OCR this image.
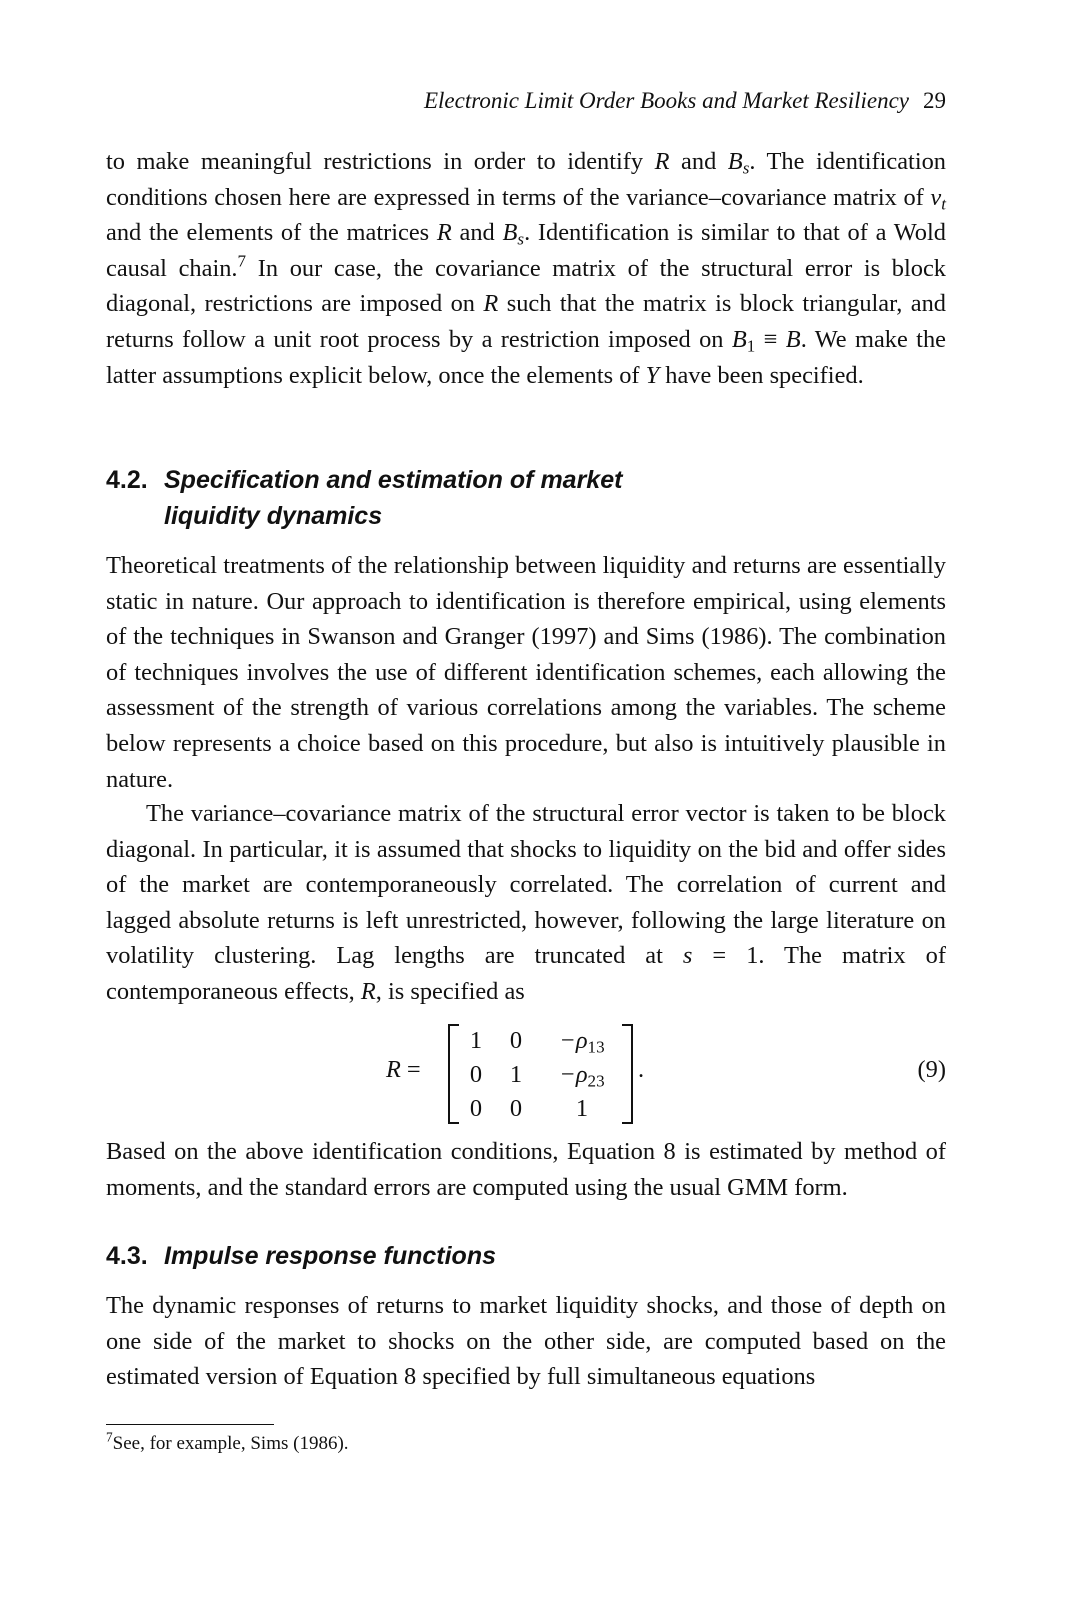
Electronic Limit Order Books and Market Resiliency 29

to make meaningful restrictions in order to identify R and $B_s$. The identification conditions chosen here are expressed in terms of the variance–covariance matrix of $v_t$ and the elements of the matrices R and $B_s$. Identification is similar to that of a Wold causal chain.$^7$ In our case, the covariance matrix of the structural error is block diagonal, restrictions are imposed on R such that the matrix is block triangular, and returns follow a unit root process by a restriction imposed on $B_1 \equiv B$. We make the latter assumptions explicit below, once the elements of Y have been specified.

4.2. Specification and estimation of market
liquidity dynamics

Theoretical treatments of the relationship between liquidity and returns are essentially static in nature. Our approach to identification is therefore empirical, using elements of the techniques in Swanson and Granger (1997) and Sims (1986). The combination of techniques involves the use of different identification schemes, each allowing the assessment of the strength of various correlations among the variables. The scheme below represents a choice based on this procedure, but also is intuitively plausible in nature.

The variance–covariance matrix of the structural error vector is taken to be block diagonal. In particular, it is assumed that shocks to liquidity on the bid and offer sides of the market are contemporaneously correlated. The correlation of current and lagged absolute returns is left unrestricted, however, following the large literature on volatility clustering. Lag lengths are truncated at s = 1. The matrix of contemporaneous effects, R, is specified as

R =
1	0	$-\rho_{13}$
0	1	$-\rho_{23}$
0	0	1
.	(9)

Based on the above identification conditions, Equation 8 is estimated by method of moments, and the standard errors are computed using the usual GMM form.

4.3. Impulse response functions

The dynamic responses of returns to market liquidity shocks, and those of depth on one side of the market to shocks on the other side, are computed based on the estimated version of Equation 8 specified by full simultaneous equations

$^7$See, for example, Sims (1986).
